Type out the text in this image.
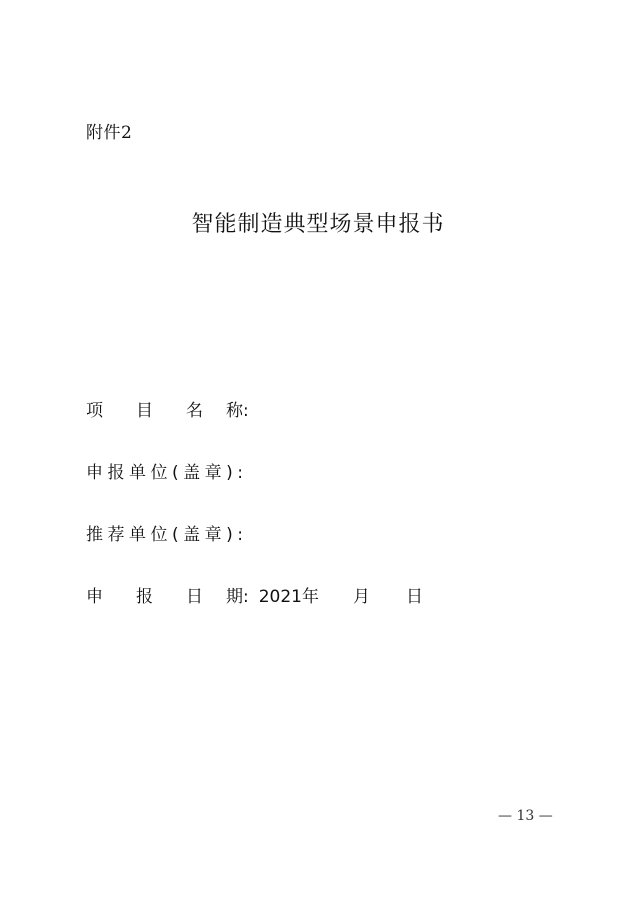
附件2
智能制造典型场景申报书
项 目 名 称:
申报单位(盖章):
推荐单位(盖章):
申 报 日 期: 2021年 月 日
— 13 —
